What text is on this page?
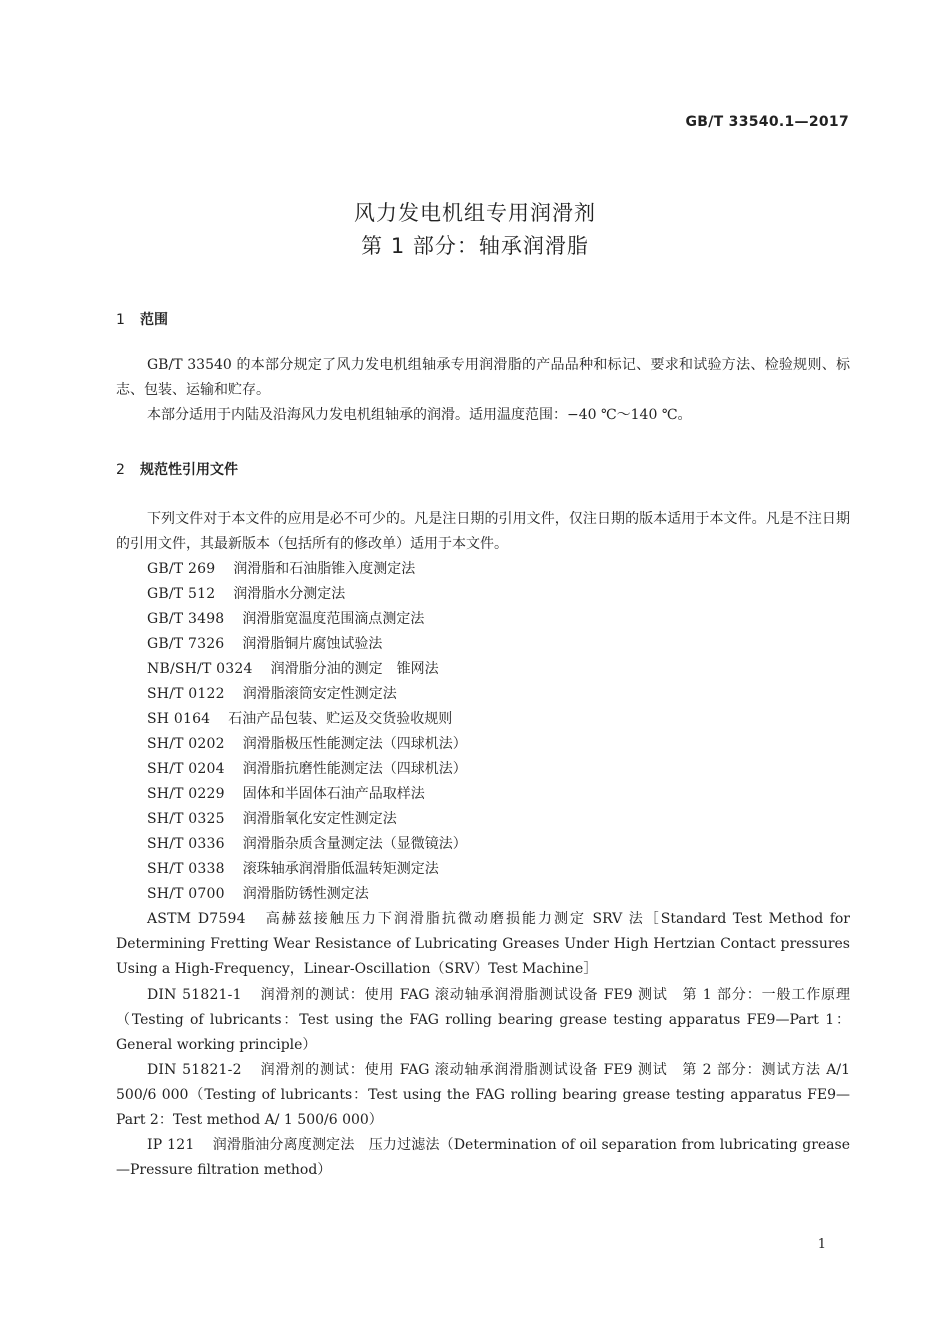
GB/T 33540.1—2017
风力发电机组专用润滑剂
第 1 部分：轴承润滑脂
1 范围

GB/T 33540 的本部分规定了风力发电机组轴承专用润滑脂的产品品种和标记、要求和试验方法、检验规则、标志、包装、运输和贮存。

本部分适用于内陆及沿海风力发电机组轴承的润滑。适用温度范围：−40 ℃～140 ℃。

2 规范性引用文件

下列文件对于本文件的应用是必不可少的。凡是注日期的引用文件，仅注日期的版本适用于本文件。凡是不注日期的引用文件，其最新版本（包括所有的修改单）适用于本文件。

GB/T 269 润滑脂和石油脂锥入度测定法

GB/T 512 润滑脂水分测定法

GB/T 3498 润滑脂宽温度范围滴点测定法

GB/T 7326 润滑脂铜片腐蚀试验法

NB/SH/T 0324 润滑脂分油的测定　锥网法

SH/T 0122 润滑脂滚筒安定性测定法

SH 0164 石油产品包装、贮运及交货验收规则

SH/T 0202 润滑脂极压性能测定法（四球机法）

SH/T 0204 润滑脂抗磨性能测定法（四球机法）

SH/T 0229 固体和半固体石油产品取样法

SH/T 0325 润滑脂氧化安定性测定法

SH/T 0336 润滑脂杂质含量测定法（显微镜法）

SH/T 0338 滚珠轴承润滑脂低温转矩测定法

SH/T 0700 润滑脂防锈性测定法

ASTM D7594 高赫兹接触压力下润滑脂抗微动磨损能力测定 SRV 法［Standard Test Method for Determining Fretting Wear Resistance of Lubricating Greases Under High Hertzian Contact pressures Using a High-Frequency，Linear-Oscillation（SRV）Test Machine］

DIN 51821-1 润滑剂的测试：使用 FAG 滚动轴承润滑脂测试设备 FE9 测试　第 1 部分：一般工作原理（Testing of lubricants：Test using the FAG rolling bearing grease testing apparatus FE9—Part 1：General working principle）

DIN 51821-2 润滑剂的测试：使用 FAG 滚动轴承润滑脂测试设备 FE9 测试　第 2 部分：测试方法 A/1 500/6 000（Testing of lubricants：Test using the FAG rolling bearing grease testing apparatus FE9—Part 2：Test method A/ 1 500/6 000）

IP 121 润滑脂油分离度测定法　压力过滤法（Determination of oil separation from lubricating grease—Pressure filtration method）

1
